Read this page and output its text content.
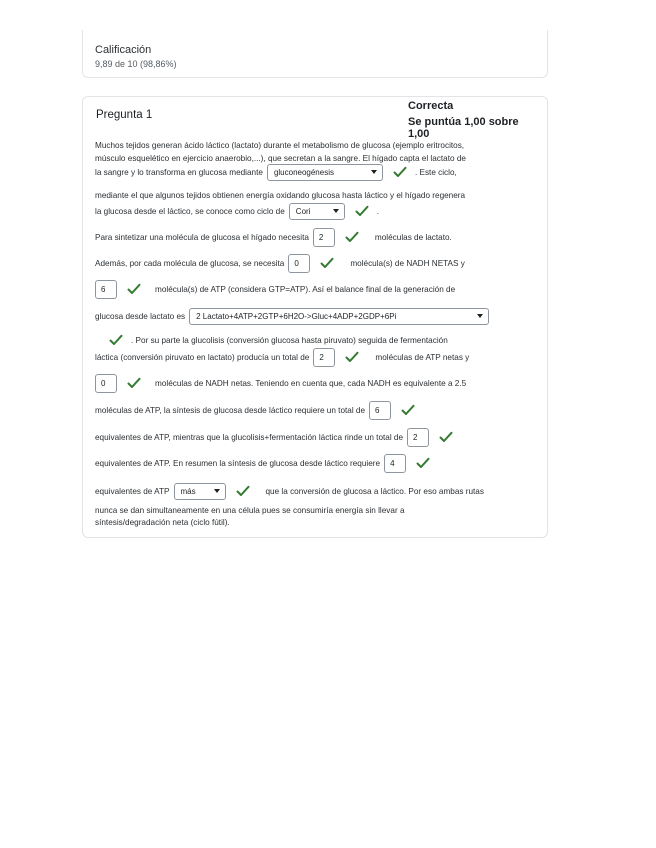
Calificación
9,89 de 10 (98,86%)
Pregunta 1
Correcta
Se puntúa 1,00 sobre 1,00
Muchos tejidos generan ácido láctico (lactato) durante el metabolismo de glucosa (ejemplo eritrocitos,
músculo esquelético en ejercicio anaerobio,...), que secretan a la sangre. El hígado capta el lactato de
la sangre y lo transforma en glucosa mediante gluconeogénesis	. Este ciclo,
mediante el que algunos tejidos obtienen energía oxidando glucosa hasta láctico y el hígado regenera
la glucosa desde el láctico, se conoce como ciclo de Cori	.
Para sintetizar una molécula de glucosa el hígado necesita	2	moléculas de lactato.
Además, por cada molécula de glucosa, se necesita	0	molécula(s) de NADH NETAS y
6	molécula(s) de ATP (considera GTP=ATP). Así el balance final de la generación de
glucosa desde lactato es 2 Lactato+4ATP+2GTP+6H2O->Gluc+4ADP+2GDP+6Pi
. Por su parte la glucolisis (conversión glucosa hasta piruvato) seguida de fermentación
láctica (conversión piruvato en lactato) producía un total de	2	moléculas de ATP netas y
0	moléculas de NADH netas. Teniendo en cuenta que, cada NADH es equivalente a 2.5
moléculas de ATP, la síntesis de glucosa desde láctico requiere un total de	6
equivalentes de ATP, mientras que la glucolisis+fermentación láctica rinde un total de	2
equivalentes de ATP. En resumen la síntesis de glucosa desde láctico requiere	4
equivalentes de ATP más	que la conversión de glucosa a láctico. Por eso ambas rutas
nunca se dan simultaneamente en una célula pues se consumiría energía sin llevar a
síntesis/degradación neta (ciclo fútil).
